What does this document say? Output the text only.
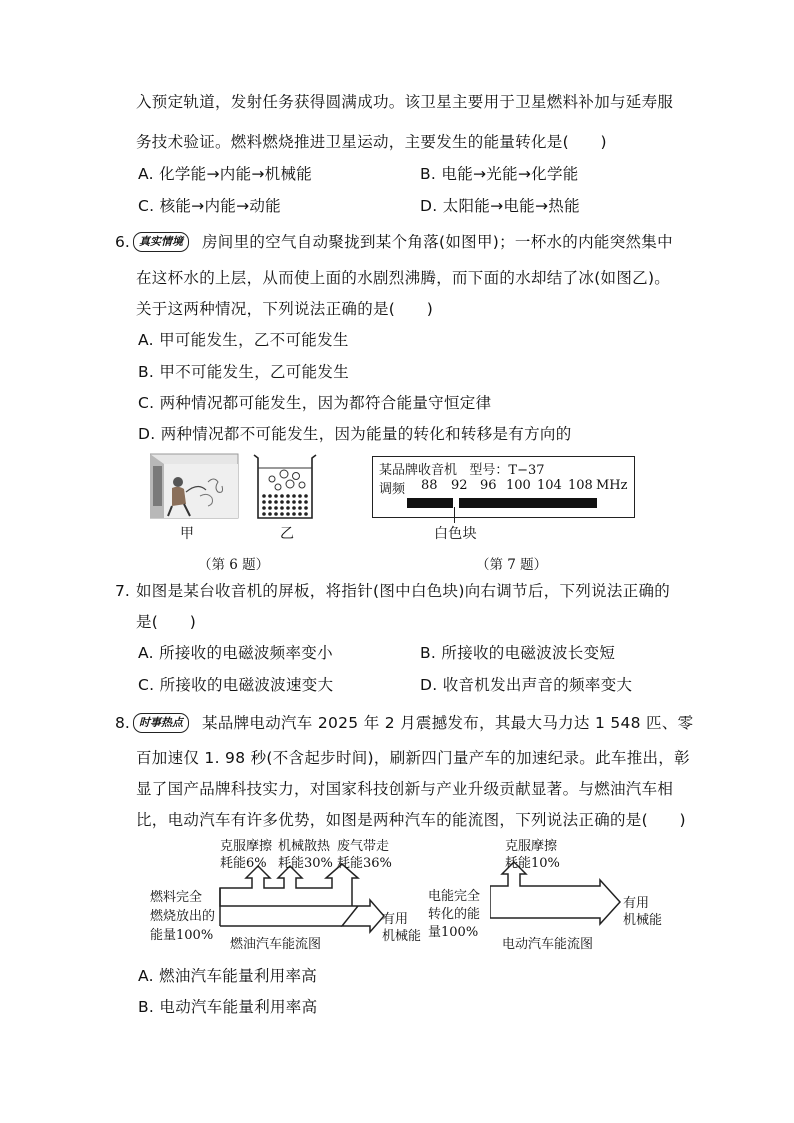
入预定轨道，发射任务获得圆满成功。该卫星主要用于卫星燃料补加与延寿服
务技术验证。燃料燃烧推进卫星运动，主要发生的能量转化是(　　)
A. 化学能→内能→机械能	B. 电能→光能→化学能
C. 核能→内能→动能	D. 太阳能→电能→热能
6. 真实情境	房间里的空气自动聚拢到某个角落(如图甲)；一杯水的内能突然集中
在这杯水的上层，从而使上面的水剧烈沸腾，而下面的水却结了冰(如图乙)。
关于这两种情况，下列说法正确的是(　　)
A. 甲可能发生，乙不可能发生
B. 甲不可能发生，乙可能发生
C. 两种情况都可能发生，因为都符合能量守恒定律
D. 两种情况都不可能发生，因为能量的转化和转移是有方向的
甲	乙
（第 6 题）
某品牌收音机   型号：T−37
调频 88 92 96 100 104 108 MHz
白色块
（第 7 题）
7. 如图是某台收音机的屏板，将指针(图中白色块)向右调节后，下列说法正确的
是(　　)
A. 所接收的电磁波频率变小	B. 所接收的电磁波波长变短
C. 所接收的电磁波波速变大	D. 收音机发出声音的频率变大
8. 时事热点	某品牌电动汽车 2025 年 2 月震撼发布，其最大马力达 1 548 匹、零
百加速仅 1. 98 秒(不含起步时间)，刷新四门量产车的加速纪录。此车推出，彰
显了国产品牌科技实力，对国家科技创新与产业升级贡献显著。与燃油汽车相
比，电动汽车有许多优势，如图是两种汽车的能流图，下列说法正确的是(　　)
燃料完全
燃烧放出的
能量100%
克服摩擦
耗能6%
机械散热
耗能30%
废气带走
耗能36%
有用
机械能
燃油汽车能流图
电能完全
转化的能
量100%
克服摩擦
耗能10%
有用
机械能
电动汽车能流图
A. 燃油汽车能量利用率高
B. 电动汽车能量利用率高
